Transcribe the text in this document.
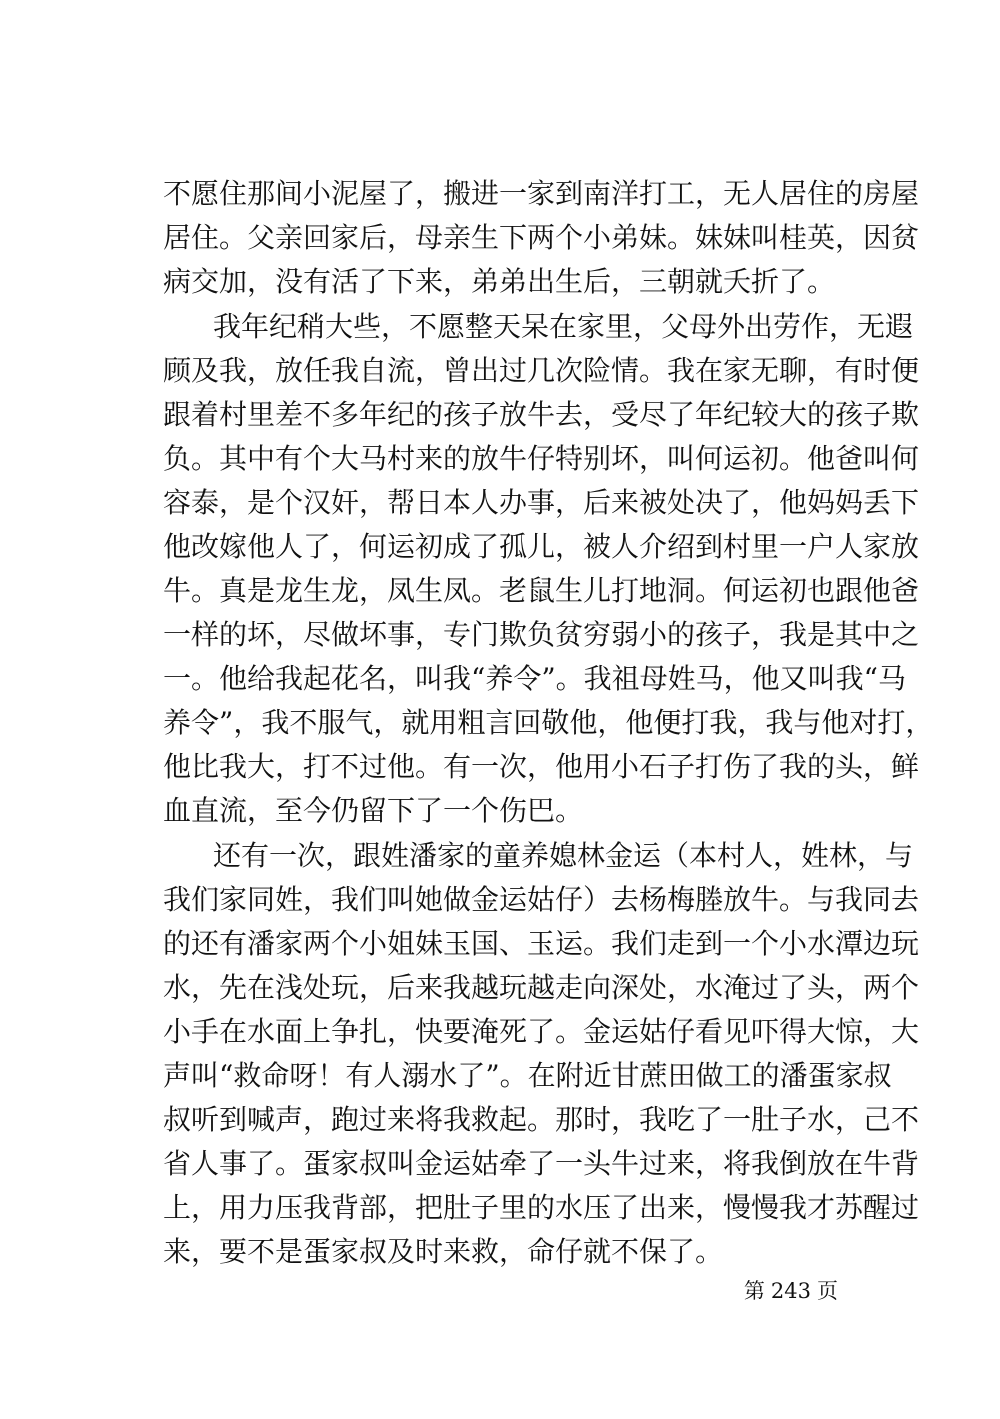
不愿住那间小泥屋了，搬进一家到南洋打工，无人居住的房屋
居住。父亲回家后，母亲生下两个小弟妹。妹妹叫桂英，因贫
病交加，没有活了下来，弟弟出生后，三朝就夭折了。
我年纪稍大些，不愿整天呆在家里，父母外出劳作，无遐
顾及我，放任我自流，曾出过几次险情。我在家无聊，有时便
跟着村里差不多年纪的孩子放牛去，受尽了年纪较大的孩子欺
负。其中有个大马村来的放牛仔特别坏，叫何运初。他爸叫何
容泰，是个汉奸，帮日本人办事，后来被处决了，他妈妈丢下
他改嫁他人了，何运初成了孤儿，被人介绍到村里一户人家放
牛。真是龙生龙，凤生凤。老鼠生儿打地洞。何运初也跟他爸
一样的坏，尽做坏事，专门欺负贫穷弱小的孩子，我是其中之
一。他给我起花名，叫我“养令”。我祖母姓马，他又叫我“马
养令”，我不服气，就用粗言回敬他，他便打我，我与他对打，
他比我大，打不过他。有一次，他用小石子打伤了我的头，鲜
血直流，至今仍留下了一个伤巴。
还有一次，跟姓潘家的童养媳林金运（本村人，姓林，与
我们家同姓，我们叫她做金运姑仔）去杨梅塍放牛。与我同去
的还有潘家两个小姐妹玉国、玉运。我们走到一个小水潭边玩
水，先在浅处玩，后来我越玩越走向深处，水淹过了头，两个
小手在水面上争扎，快要淹死了。金运姑仔看见吓得大惊，大
声叫“救命呀！有人溺水了”。在附近甘蔗田做工的潘蛋家叔
叔听到喊声，跑过来将我救起。那时，我吃了一肚子水，己不
省人事了。蛋家叔叫金运姑牵了一头牛过来，将我倒放在牛背
上，用力压我背部，把肚子里的水压了出来，慢慢我才苏醒过
来，要不是蛋家叔及时来救，命仔就不保了。
第 243 页
